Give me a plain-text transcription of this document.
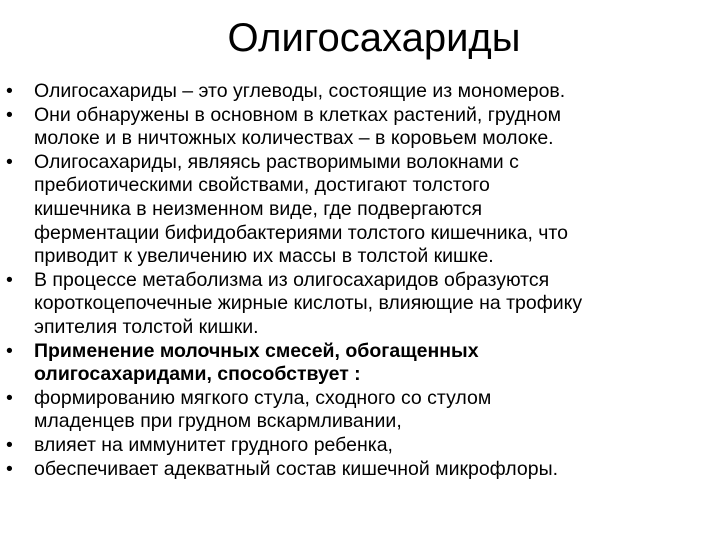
Олигосахариды
•	Олигосахариды – это углеводы, состоящие из мономеров.
•	Они обнаружены в основном в клетках растений, грудном
молоке и в ничтожных количествах – в коровьем молоке.
•	Олигосахариды, являясь растворимыми волокнами с
пребиотическими свойствами, достигают толстого
кишечника в неизменном виде, где подвергаются
ферментации бифидобактериями толстого кишечника, что
приводит к увеличению их массы в толстой кишке.
•	В процессе метаболизма из олигосахаридов образуются
короткоцепочечные жирные кислоты, влияющие на трофику
эпителия толстой кишки.
•	Применение молочных смесей, обогащенных
олигосахаридами, способствует :
•	формированию мягкого стула, сходного со стулом
младенцев при грудном вскармливании,
•	влияет на иммунитет грудного ребенка,
•	обеспечивает адекватный состав кишечной микрофлоры.
